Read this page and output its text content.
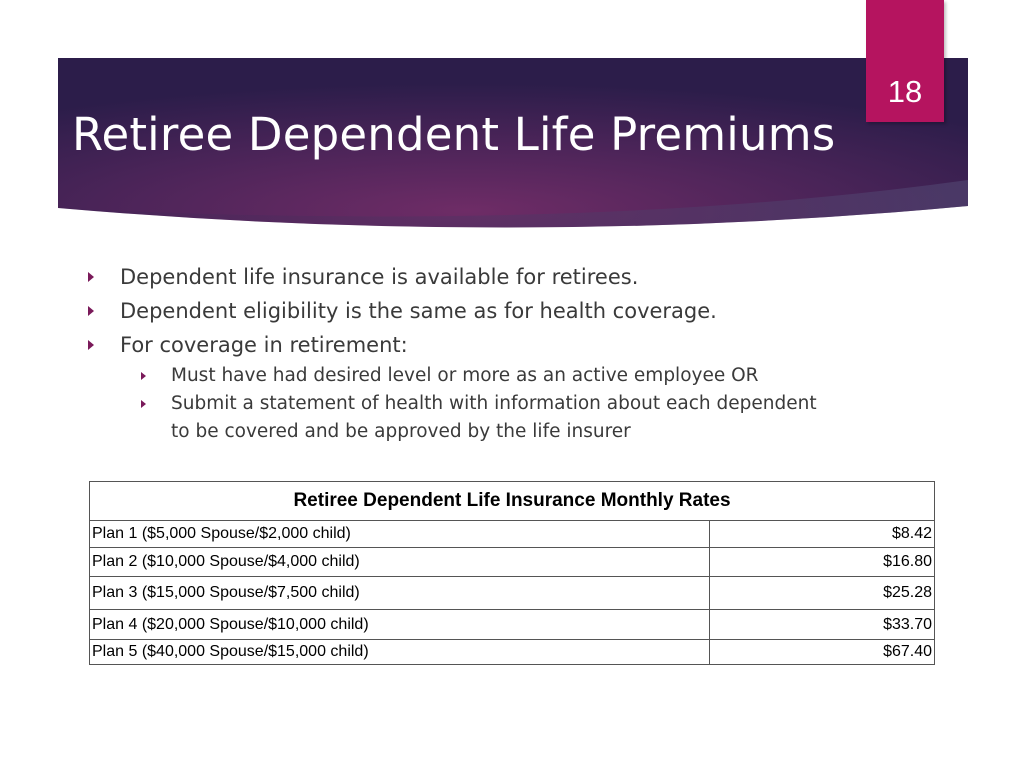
Retiree Dependent Life Premiums
18
Dependent life insurance is available for retirees.
Dependent eligibility is the same as for health coverage.
For coverage in retirement:
Must have had desired level or more as an active employee OR
Submit a statement of health with information about each dependent
to be covered and be approved by the life insurer
Retiree Dependent Life Insurance Monthly Rates	
Plan 1 ($5,000 Spouse/$2,000 child)	$8.42
Plan 2 ($10,000 Spouse/$4,000 child)	$16.80
Plan 3 ($15,000 Spouse/$7,500 child)	$25.28
Plan 4 ($20,000 Spouse/$10,000 child)	$33.70
Plan 5 ($40,000 Spouse/$15,000 child)	$67.40
